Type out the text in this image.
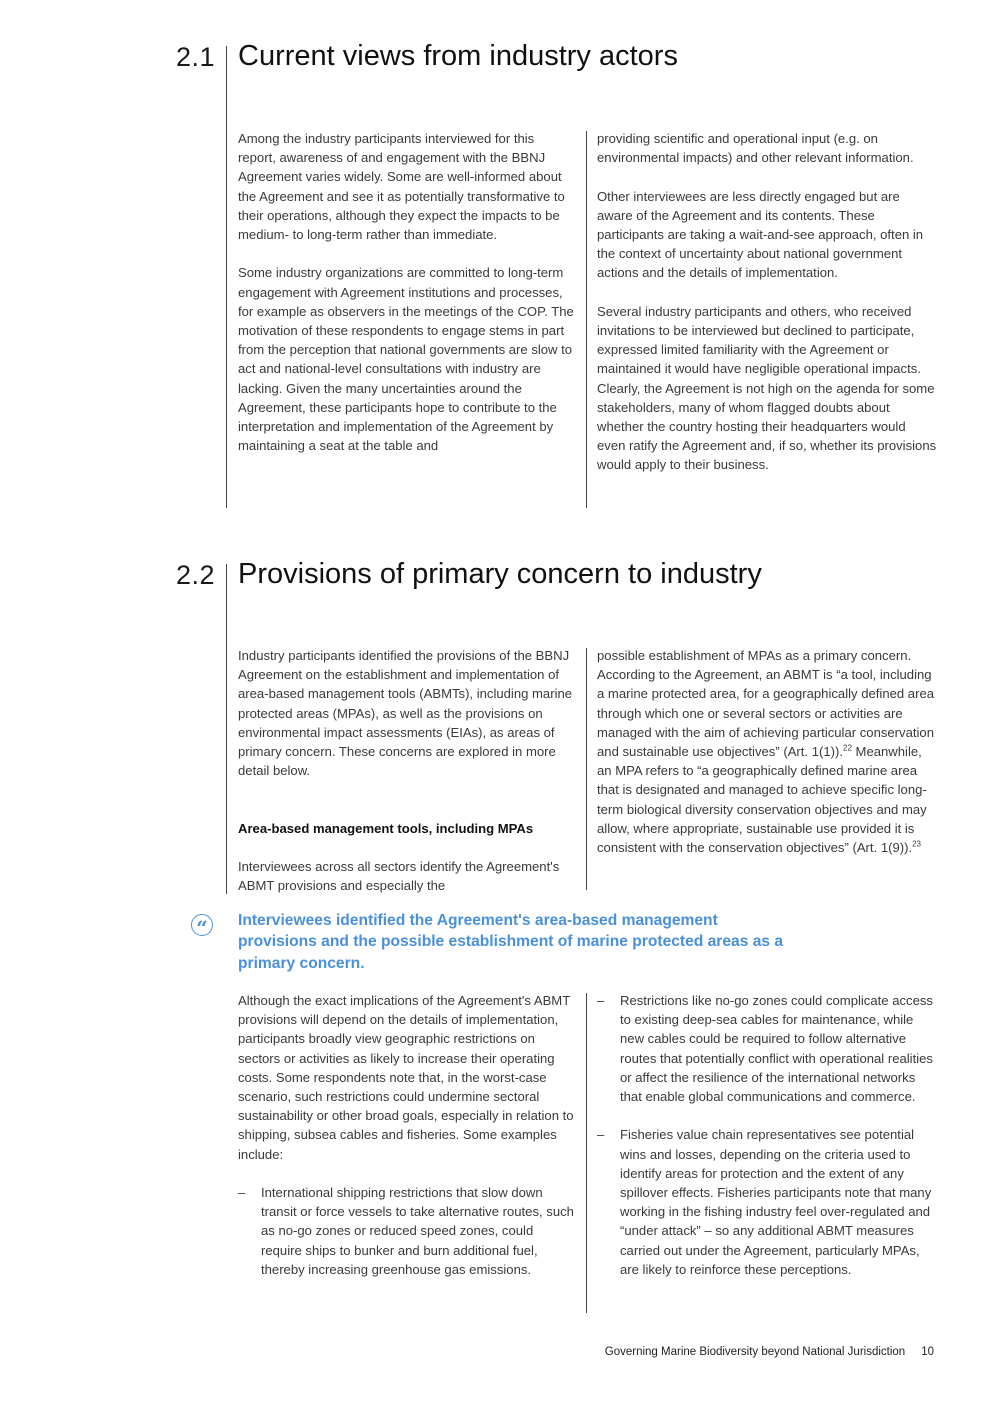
2.1 Current views from industry actors

Among the industry participants interviewed for this report, awareness of and engagement with the BBNJ Agreement varies widely. Some are well-informed about the Agreement and see it as potentially transformative to their operations, although they expect the impacts to be medium- to long-term rather than immediate.

Some industry organizations are committed to long-term engagement with Agreement institutions and processes, for example as observers in the meetings of the COP. The motivation of these respondents to engage stems in part from the perception that national governments are slow to act and national-level consultations with industry are lacking. Given the many uncertainties around the Agreement, these participants hope to contribute to the interpretation and implementation of the Agreement by maintaining a seat at the table and

providing scientific and operational input (e.g. on environmental impacts) and other relevant information.

Other interviewees are less directly engaged but are aware of the Agreement and its contents. These participants are taking a wait-and-see approach, often in the context of uncertainty about national government actions and the details of implementation.

Several industry participants and others, who received invitations to be interviewed but declined to participate, expressed limited familiarity with the Agreement or maintained it would have negligible operational impacts. Clearly, the Agreement is not high on the agenda for some stakeholders, many of whom flagged doubts about whether the country hosting their headquarters would even ratify the Agreement and, if so, whether its provisions would apply to their business.

2.2 Provisions of primary concern to industry

Industry participants identified the provisions of the BBNJ Agreement on the establishment and implementation of area-based management tools (ABMTs), including marine protected areas (MPAs), as well as the provisions on environmental impact assessments (EIAs), as areas of primary concern. These concerns are explored in more detail below.

Area-based management tools, including MPAs

Interviewees across all sectors identify the Agreement's ABMT provisions and especially the

possible establishment of MPAs as a primary concern. According to the Agreement, an ABMT is “a tool, including a marine protected area, for a geographically defined area through which one or several sectors or activities are managed with the aim of achieving particular conservation and sustainable use objectives” (Art. 1(1)).$^{22}$ Meanwhile, an MPA refers to “a geographically defined marine area that is designated and managed to achieve specific long-term biological diversity conservation objectives and may allow, where appropriate, sustainable use provided it is consistent with the conservation objectives” (Art. 1(9)).$^{23}$

“	Interviewees identified the Agreement's area-based management provisions and the possible establishment of marine protected areas as a primary concern.

Although the exact implications of the Agreement's ABMT provisions will depend on the details of implementation, participants broadly view geographic restrictions on sectors or activities as likely to increase their operating costs. Some respondents note that, in the worst-case scenario, such restrictions could undermine sectoral sustainability or other broad goals, especially in relation to shipping, subsea cables and fisheries. Some examples include:

– International shipping restrictions that slow down transit or force vessels to take alternative routes, such as no-go zones or reduced speed zones, could require ships to bunker and burn additional fuel, thereby increasing greenhouse gas emissions.
– Restrictions like no-go zones could complicate access to existing deep-sea cables for maintenance, while new cables could be required to follow alternative routes that potentially conflict with operational realities or affect the resilience of the international networks that enable global communications and commerce.
– Fisheries value chain representatives see potential wins and losses, depending on the criteria used to identify areas for protection and the extent of any spillover effects. Fisheries participants note that many working in the fishing industry feel over-regulated and “under attack” – so any additional ABMT measures carried out under the Agreement, particularly MPAs, are likely to reinforce these perceptions.
Governing Marine Biodiversity beyond National Jurisdiction 10
